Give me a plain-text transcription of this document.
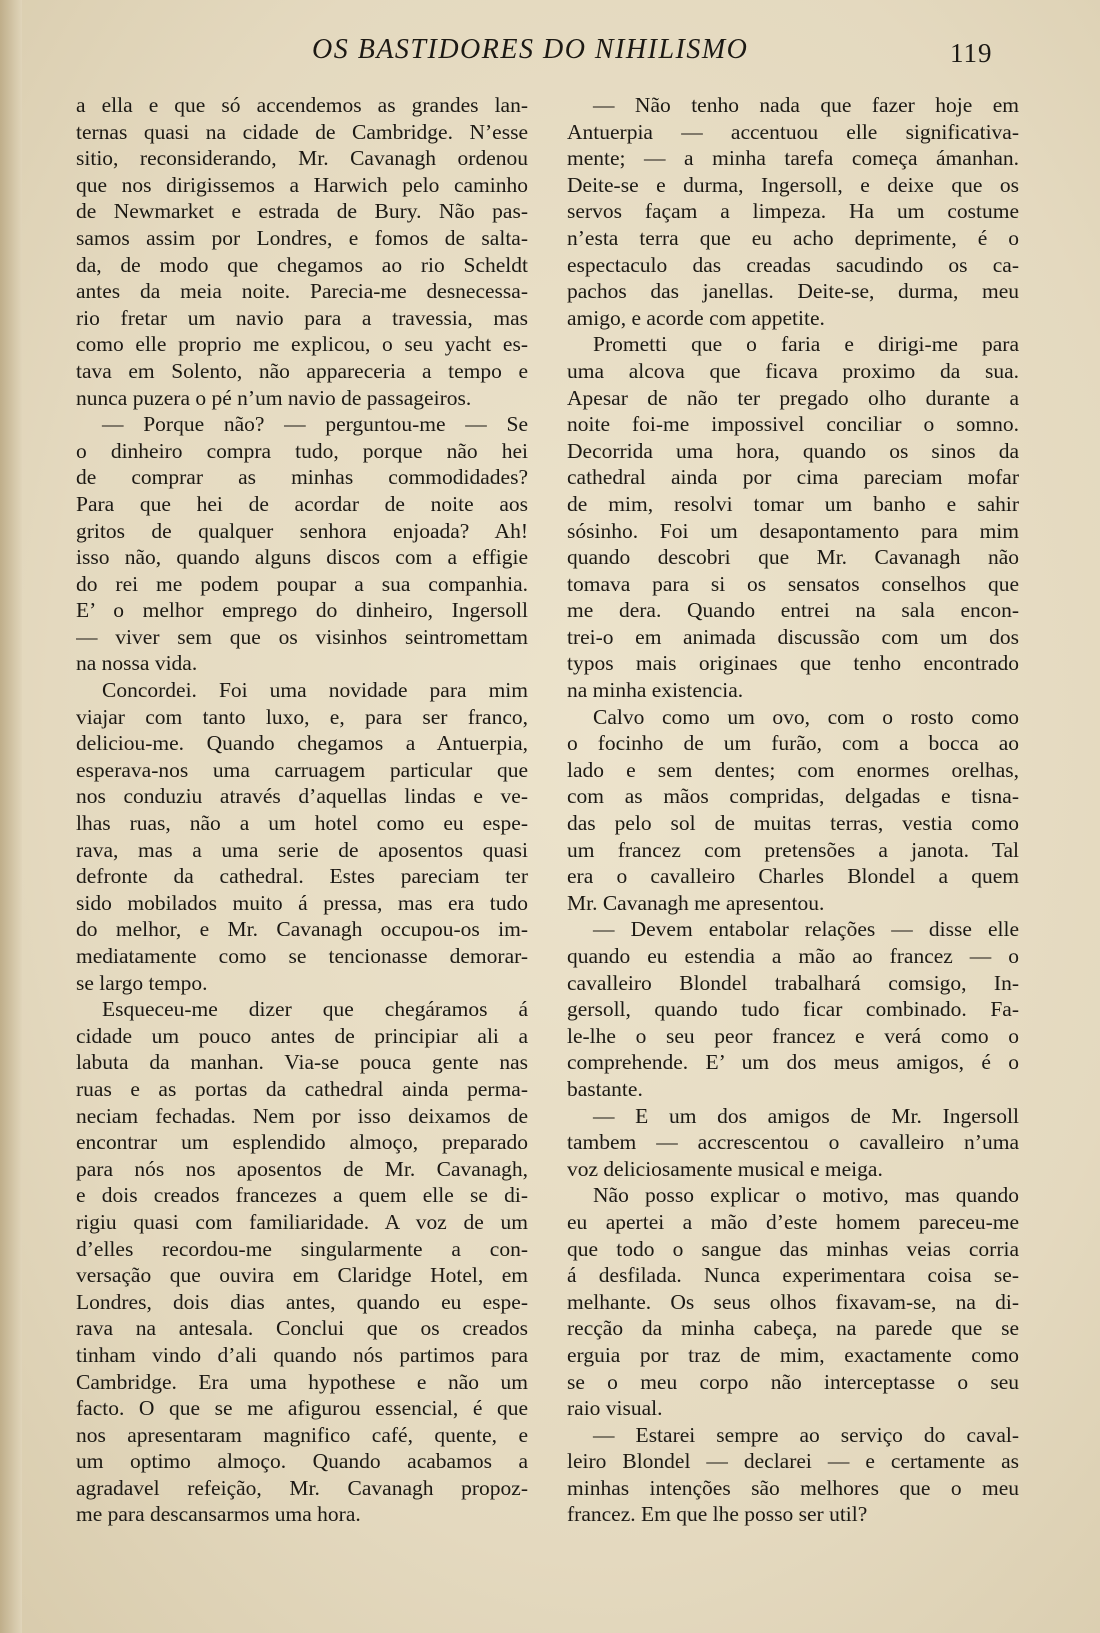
OS BASTIDORES DO NIHILISMO	119
a ella e que só accendemos as grandes lan-
ternas quasi na cidade de Cambridge. N’esse
sitio, reconsiderando, Mr. Cavanagh ordenou
que nos dirigissemos a Harwich pelo caminho
de Newmarket e estrada de Bury. Não pas-
samos assim por Londres, e fomos de salta-
da, de modo que chegamos ao rio Scheldt
antes da meia noite. Parecia-me desnecessa-
rio fretar um navio para a travessia, mas
como elle proprio me explicou, o seu yacht es-
tava em Solento, não appareceria a tempo e
nunca puzera o pé n’um navio de passageiros.
— Porque não? — perguntou-me — Se
o dinheiro compra tudo, porque não hei
de comprar as minhas commodidades?
Para que hei de acordar de noite aos
gritos de qualquer senhora enjoada? Ah!
isso não, quando alguns discos com a effigie
do rei me podem poupar a sua companhia.
E’ o melhor emprego do dinheiro, Ingersoll
— viver sem que os visinhos seintromettam
na nossa vida.
Concordei. Foi uma novidade para mim
viajar com tanto luxo, e, para ser franco,
deliciou-me. Quando chegamos a Antuerpia,
esperava-nos uma carruagem particular que
nos conduziu através d’aquellas lindas e ve-
lhas ruas, não a um hotel como eu espe-
rava, mas a uma serie de aposentos quasi
defronte da cathedral. Estes pareciam ter
sido mobilados muito á pressa, mas era tudo
do melhor, e Mr. Cavanagh occupou-os im-
mediatamente como se tencionasse demorar-
se largo tempo.
Esqueceu-me dizer que chegáramos á
cidade um pouco antes de principiar ali a
labuta da manhan. Via-se pouca gente nas
ruas e as portas da cathedral ainda perma-
neciam fechadas. Nem por isso deixamos de
encontrar um esplendido almoço, preparado
para nós nos aposentos de Mr. Cavanagh,
e dois creados francezes a quem elle se di-
rigiu quasi com familiaridade. A voz de um
d’elles recordou-me singularmente a con-
versação que ouvira em Claridge Hotel, em
Londres, dois dias antes, quando eu espe-
rava na antesala. Conclui que os creados
tinham vindo d’ali quando nós partimos para
Cambridge. Era uma hypothese e não um
facto. O que se me afigurou essencial, é que
nos apresentaram magnifico café, quente, e
um optimo almoço. Quando acabamos a
agradavel refeição, Mr. Cavanagh propoz-
me para descansarmos uma hora.
— Não tenho nada que fazer hoje em
Antuerpia — accentuou elle significativa-
mente; — a minha tarefa começa ámanhan.
Deite-se e durma, Ingersoll, e deixe que os
servos façam a limpeza. Ha um costume
n’esta terra que eu acho deprimente, é o
espectaculo das creadas sacudindo os ca-
pachos das janellas. Deite-se, durma, meu
amigo, e acorde com appetite.
Prometti que o faria e dirigi-me para
uma alcova que ficava proximo da sua.
Apesar de não ter pregado olho durante a
noite foi-me impossivel conciliar o somno.
Decorrida uma hora, quando os sinos da
cathedral ainda por cima pareciam mofar
de mim, resolvi tomar um banho e sahir
sósinho. Foi um desapontamento para mim
quando descobri que Mr. Cavanagh não
tomava para si os sensatos conselhos que
me dera. Quando entrei na sala encon-
trei-o em animada discussão com um dos
typos mais originaes que tenho encontrado
na minha existencia.
Calvo como um ovo, com o rosto como
o focinho de um furão, com a bocca ao
lado e sem dentes; com enormes orelhas,
com as mãos compridas, delgadas e tisna-
das pelo sol de muitas terras, vestia como
um francez com pretensões a janota. Tal
era o cavalleiro Charles Blondel a quem
Mr. Cavanagh me apresentou.
— Devem entabolar relações — disse elle
quando eu estendia a mão ao francez — o
cavalleiro Blondel trabalhará comsigo, In-
gersoll, quando tudo ficar combinado. Fa-
le-lhe o seu peor francez e verá como o
comprehende. E’ um dos meus amigos, é o
bastante.
— E um dos amigos de Mr. Ingersoll
tambem — accrescentou o cavalleiro n’uma
voz deliciosamente musical e meiga.
Não posso explicar o motivo, mas quando
eu apertei a mão d’este homem pareceu-me
que todo o sangue das minhas veias corria
á desfilada. Nunca experimentara coisa se-
melhante. Os seus olhos fixavam-se, na di-
recção da minha cabeça, na parede que se
erguia por traz de mim, exactamente como
se o meu corpo não interceptasse o seu
raio visual.
— Estarei sempre ao serviço do caval-
leiro Blondel — declarei — e certamente as
minhas intenções são melhores que o meu
francez. Em que lhe posso ser util?
